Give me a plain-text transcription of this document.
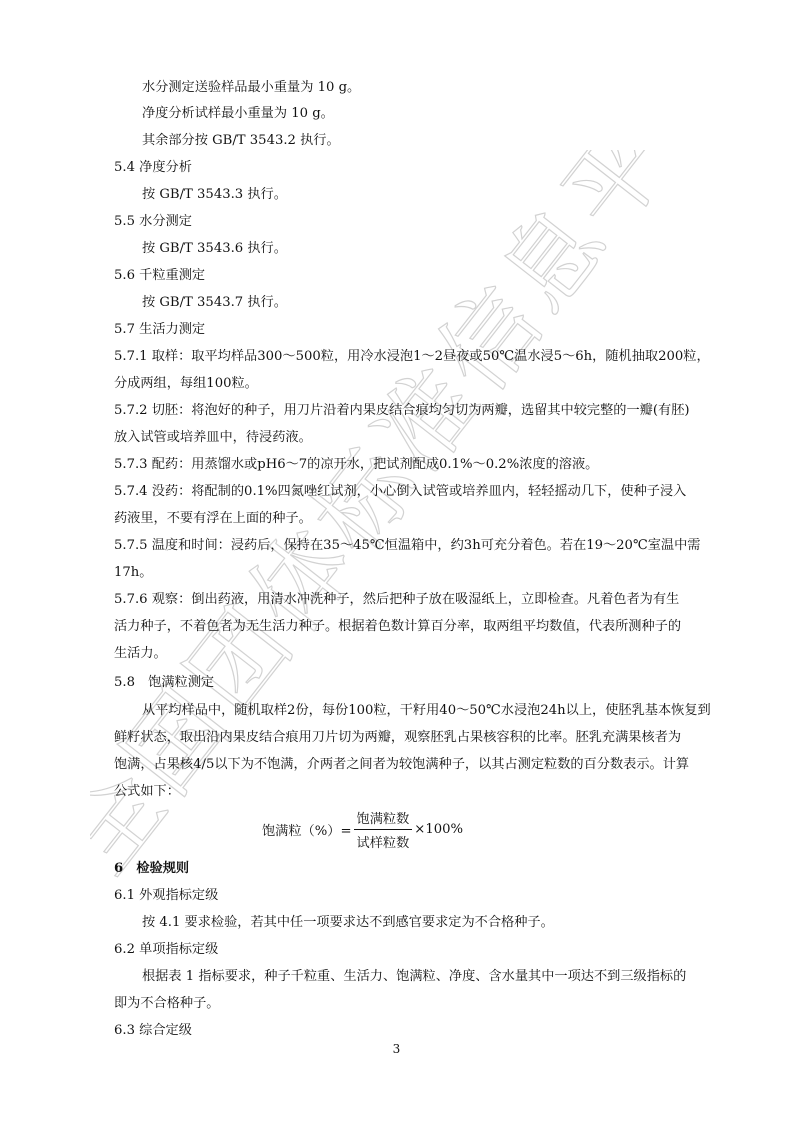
全国团体标准信息平台
水分测定送验样品最小重量为 10 g。
净度分析试样最小重量为 10 g。
其余部分按 GB/T 3543.2 执行。
5.4 净度分析
按 GB/T 3543.3 执行。
5.5 水分测定
按 GB/T 3543.6 执行。
5.6 千粒重测定
按 GB/T 3543.7 执行。
5.7 生活力测定
5.7.1 取样：取平均样品300～500粒，用冷水浸泡1～2昼夜或50℃温水浸5～6h，随机抽取200粒，
分成两组，每组100粒。
5.7.2 切胚：将泡好的种子，用刀片沿着内果皮结合痕均匀切为两瓣，选留其中较完整的一瓣(有胚)
放入试管或培养皿中，待浸药液。
5.7.3 配药：用蒸馏水或pH6～7的凉开水，把试剂配成0.1%～0.2%浓度的溶液。
5.7.4 没药：将配制的0.1%四氮唑红试剂，小心倒入试管或培养皿内，轻轻摇动几下，使种子浸入
药液里，不要有浮在上面的种子。
5.7.5 温度和时间：浸药后，保持在35～45℃恒温箱中，约3h可充分着色。若在19～20℃室温中需
17h。
5.7.6 观察：倒出药液，用清水冲洗种子，然后把种子放在吸湿纸上，立即检查。凡着色者为有生
活力种子，不着色者为无生活力种子。根据着色数计算百分率，取两组平均数值，代表所测种子的
生活力。
5.8　饱满粒测定
从平均样品中，随机取样2份，每份100粒，干籽用40～50℃水浸泡24h以上，使胚乳基本恢复到
鲜籽状态，取出沿内果皮结合痕用刀片切为两瓣，观察胚乳占果核容积的比率。胚乳充满果核者为
饱满，占果核4/5以下为不饱满，介两者之间者为较饱满种子，以其占测定粒数的百分数表示。计算
公式如下：
饱满粒（%）= $\frac{\text{饱满粒数}}{\text{试样粒数}} \times 100\%$
6　检验规则
6.1 外观指标定级
按 4.1 要求检验，若其中任一项要求达不到感官要求定为不合格种子。
6.2 单项指标定级
根据表 1 指标要求，种子千粒重、生活力、饱满粒、净度、含水量其中一项达不到三级指标的
即为不合格种子。
6.3 综合定级
3
